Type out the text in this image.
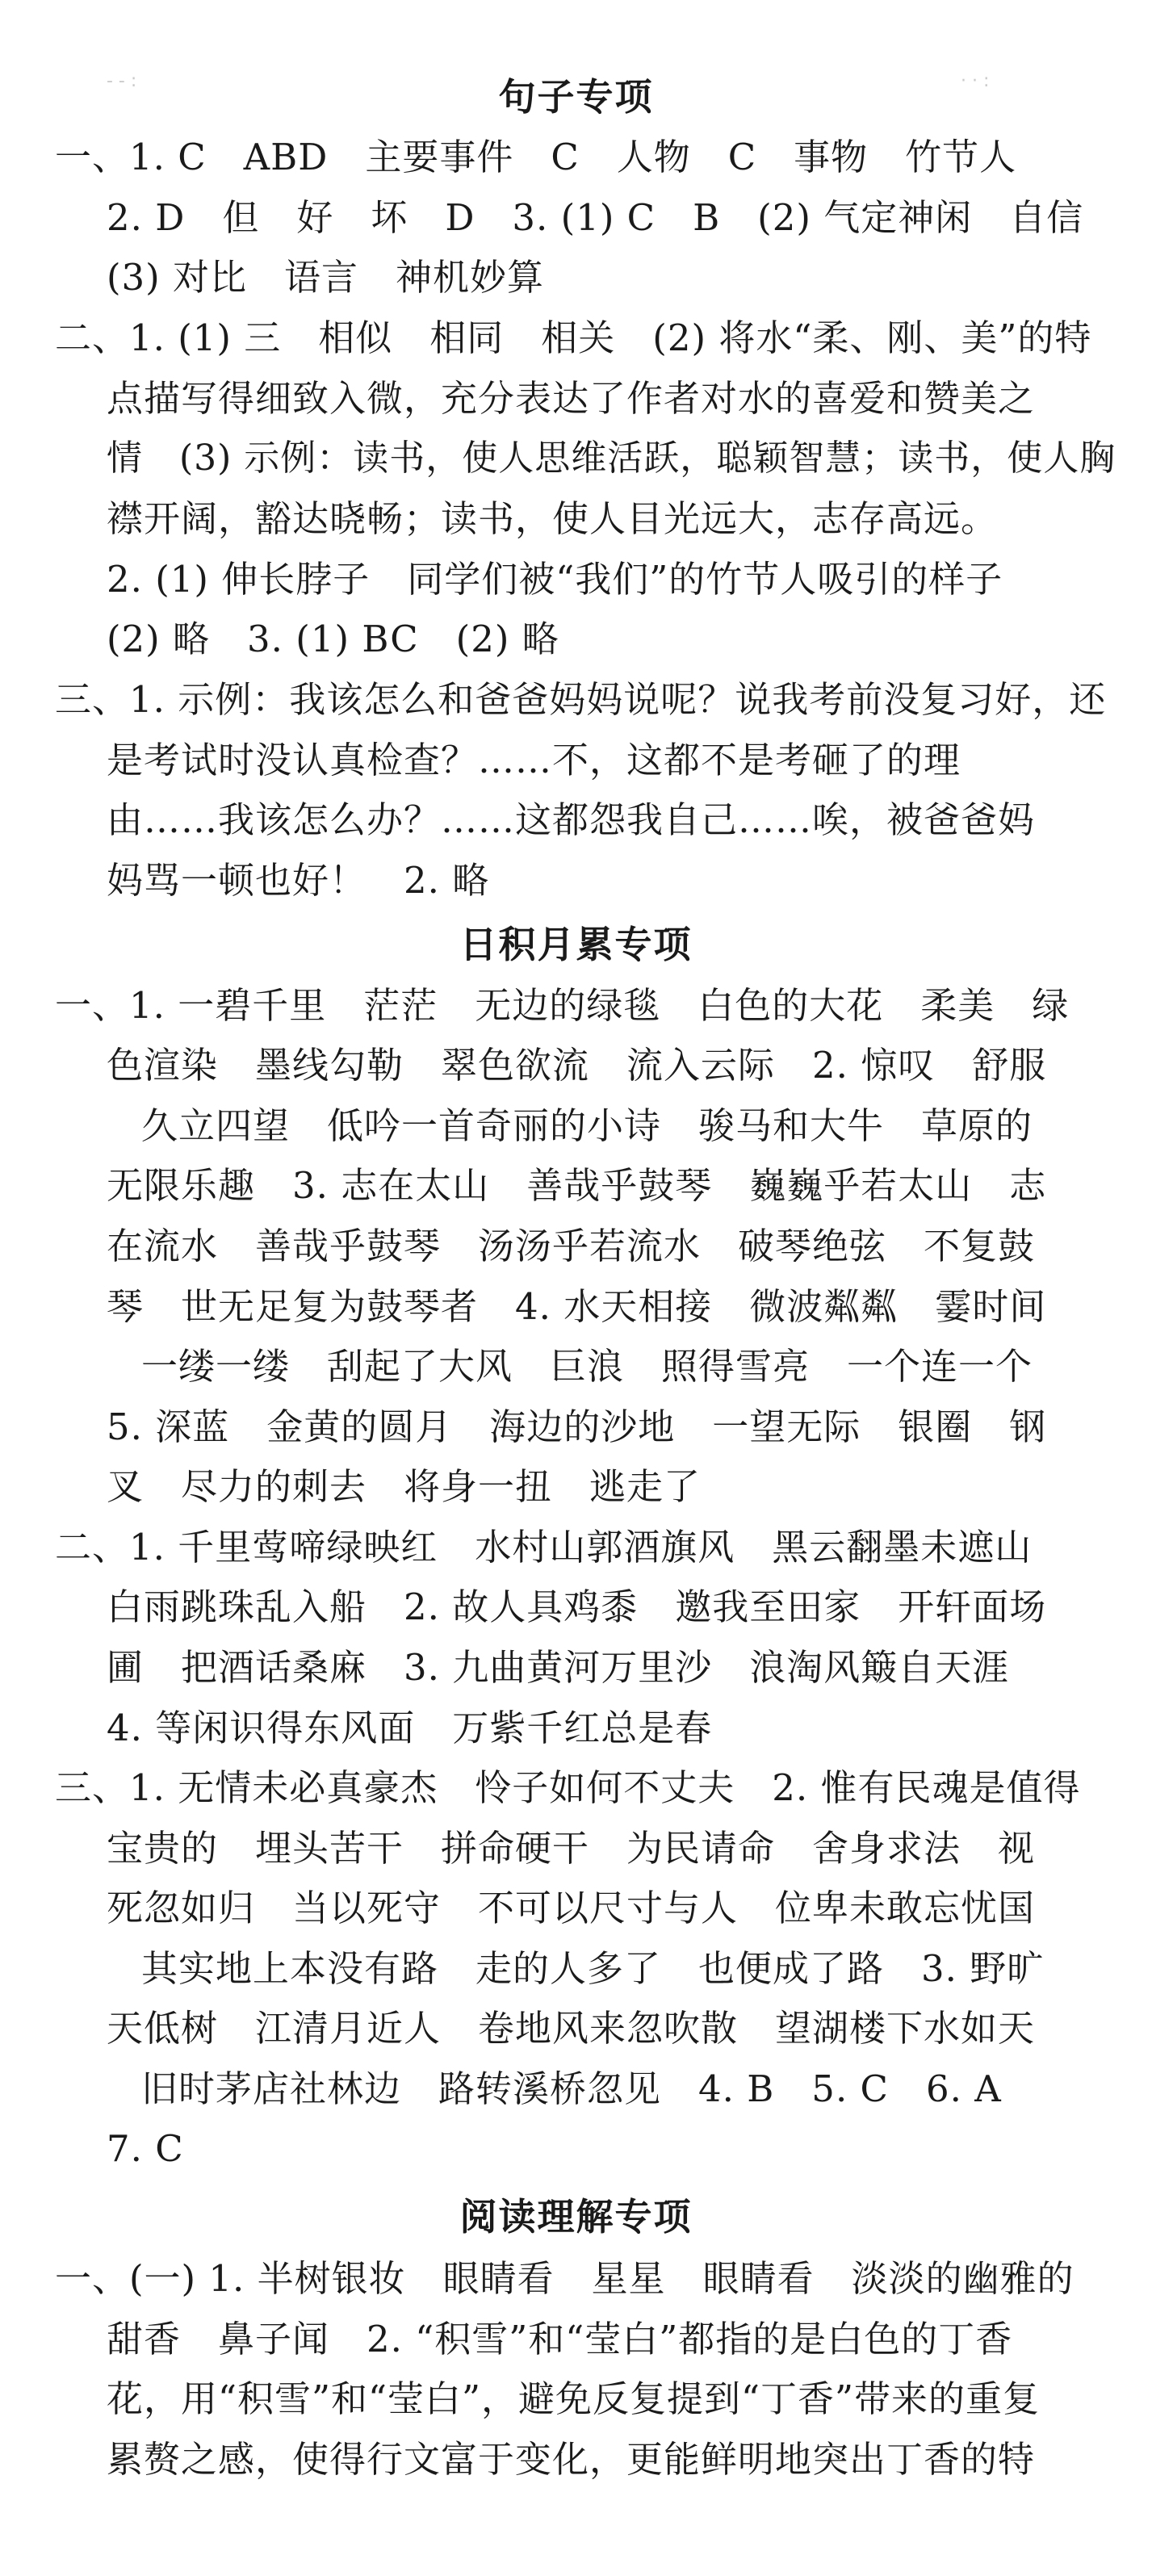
- - :	· · :
句子专项
一、1. C　ABD　主要事件　C　人物　C　事物　竹节人
2. D　但　好　坏　D　3. (1) C　B　(2) 气定神闲　自信
(3) 对比　语言　神机妙算
二、1. (1) 三　相似　相同　相关　(2) 将水“柔、刚、美”的特
点描写得细致入微，充分表达了作者对水的喜爱和赞美之
情　(3) 示例：读书，使人思维活跃，聪颖智慧；读书，使人胸
襟开阔，豁达晓畅；读书，使人目光远大，志存高远。
2. (1) 伸长脖子　同学们被“我们”的竹节人吸引的样子
(2) 略　3. (1) BC　(2) 略
三、1. 示例：我该怎么和爸爸妈妈说呢？说我考前没复习好，还
是考试时没认真检查？……不，这都不是考砸了的理
由……我该怎么办？……这都怨我自己……唉，被爸爸妈
妈骂一顿也好！　2. 略
日积月累专项
一、1. 一碧千里　茫茫　无边的绿毯　白色的大花　柔美　绿
色渲染　墨线勾勒　翠色欲流　流入云际　2. 惊叹　舒服
久立四望　低吟一首奇丽的小诗　骏马和大牛　草原的
无限乐趣　3. 志在太山　善哉乎鼓琴　巍巍乎若太山　志
在流水　善哉乎鼓琴　汤汤乎若流水　破琴绝弦　不复鼓
琴　世无足复为鼓琴者　4. 水天相接　微波粼粼　霎时间
一缕一缕　刮起了大风　巨浪　照得雪亮　一个连一个
5. 深蓝　金黄的圆月　海边的沙地　一望无际　银圈　钢
叉　尽力的刺去　将身一扭　逃走了
二、1. 千里莺啼绿映红　水村山郭酒旗风　黑云翻墨未遮山
白雨跳珠乱入船　2. 故人具鸡黍　邀我至田家　开轩面场
圃　把酒话桑麻　3. 九曲黄河万里沙　浪淘风簸自天涯
4. 等闲识得东风面　万紫千红总是春
三、1. 无情未必真豪杰　怜子如何不丈夫　2. 惟有民魂是值得
宝贵的　埋头苦干　拼命硬干　为民请命　舍身求法　视
死忽如归　当以死守　不可以尺寸与人　位卑未敢忘忧国
其实地上本没有路　走的人多了　也便成了路　3. 野旷
天低树　江清月近人　卷地风来忽吹散　望湖楼下水如天
旧时茅店社林边　路转溪桥忽见　4. B　5. C　6. A
7. C
阅读理解专项
一、(一) 1. 半树银妆　眼睛看　星星　眼睛看　淡淡的幽雅的
甜香　鼻子闻　2. “积雪”和“莹白”都指的是白色的丁香
花，用“积雪”和“莹白”，避免反复提到“丁香”带来的重复
累赘之感，使得行文富于变化，更能鲜明地突出丁香的特
